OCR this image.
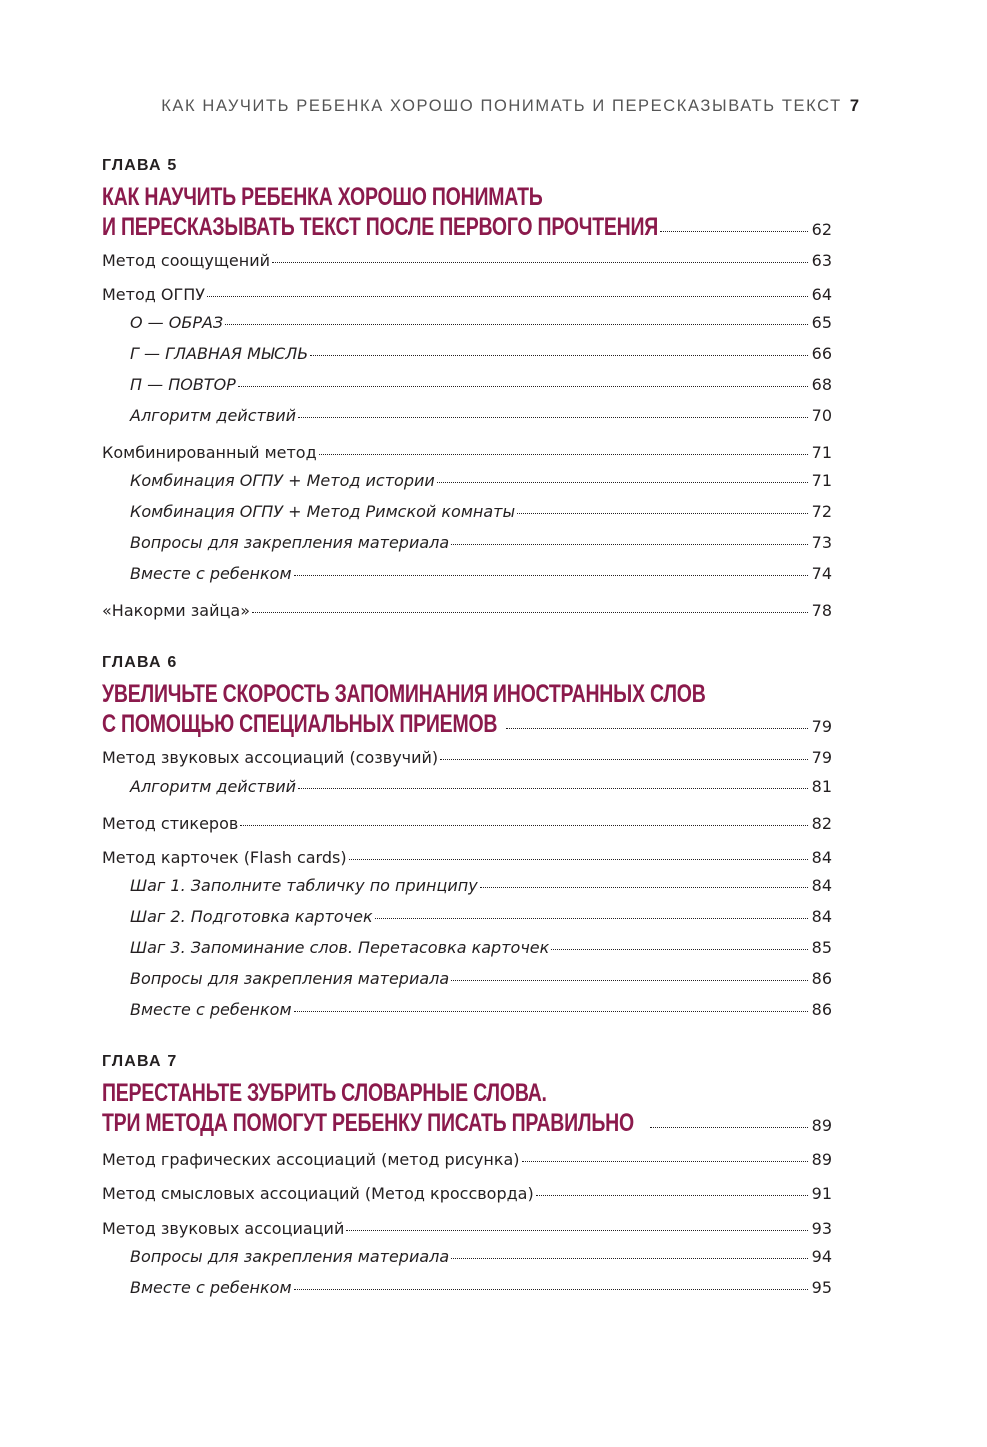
КАК НАУЧИТЬ РЕБЕНКА ХОРОШО ПОНИМАТЬ И ПЕРЕСКАЗЫВАТЬ ТЕКСТ 7
ГЛАВА 5
КАК НАУЧИТЬ РЕБЕНКА ХОРОШО ПОНИМАТЬ
И ПЕРЕСКАЗЫВАТЬ ТЕКСТ ПОСЛЕ ПЕРВОГО ПРОЧТЕНИЯ	62
Метод соощущений	63
Метод ОГПУ	64
О — ОБРАЗ	65
Г — ГЛАВНАЯ МЫСЛЬ	66
П — ПОВТОР	68
Алгоритм действий	70
Комбинированный метод	71
Комбинация ОГПУ + Метод истории	71
Комбинация ОГПУ + Метод Римской комнаты	72
Вопросы для закрепления материала	73
Вместе с ребенком	74
«Накорми зайца»	78
ГЛАВА 6
УВЕЛИЧЬТЕ СКОРОСТЬ ЗАПОМИНАНИЯ ИНОСТРАННЫХ СЛОВ
С ПОМОЩЬЮ СПЕЦИАЛЬНЫХ ПРИЕМОВ	79
Метод звуковых ассоциаций (созвучий)	79
Алгоритм действий	81
Метод стикеров	82
Метод карточек (Flash cards)	84
Шаг 1. Заполните табличку по принципу	84
Шаг 2. Подготовка карточек	84
Шаг 3. Запоминание слов. Перетасовка карточек	85
Вопросы для закрепления материала	86
Вместе с ребенком	86
ГЛАВА 7
ПЕРЕСТАНЬТЕ ЗУБРИТЬ СЛОВАРНЫЕ СЛОВА.
ТРИ МЕТОДА ПОМОГУТ РЕБЕНКУ ПИСАТЬ ПРАВИЛЬНО	89
Метод графических ассоциаций (метод рисунка)	89
Метод смысловых ассоциаций (Метод кроссворда)	91
Метод звуковых ассоциаций	93
Вопросы для закрепления материала	94
Вместе с ребенком	95
